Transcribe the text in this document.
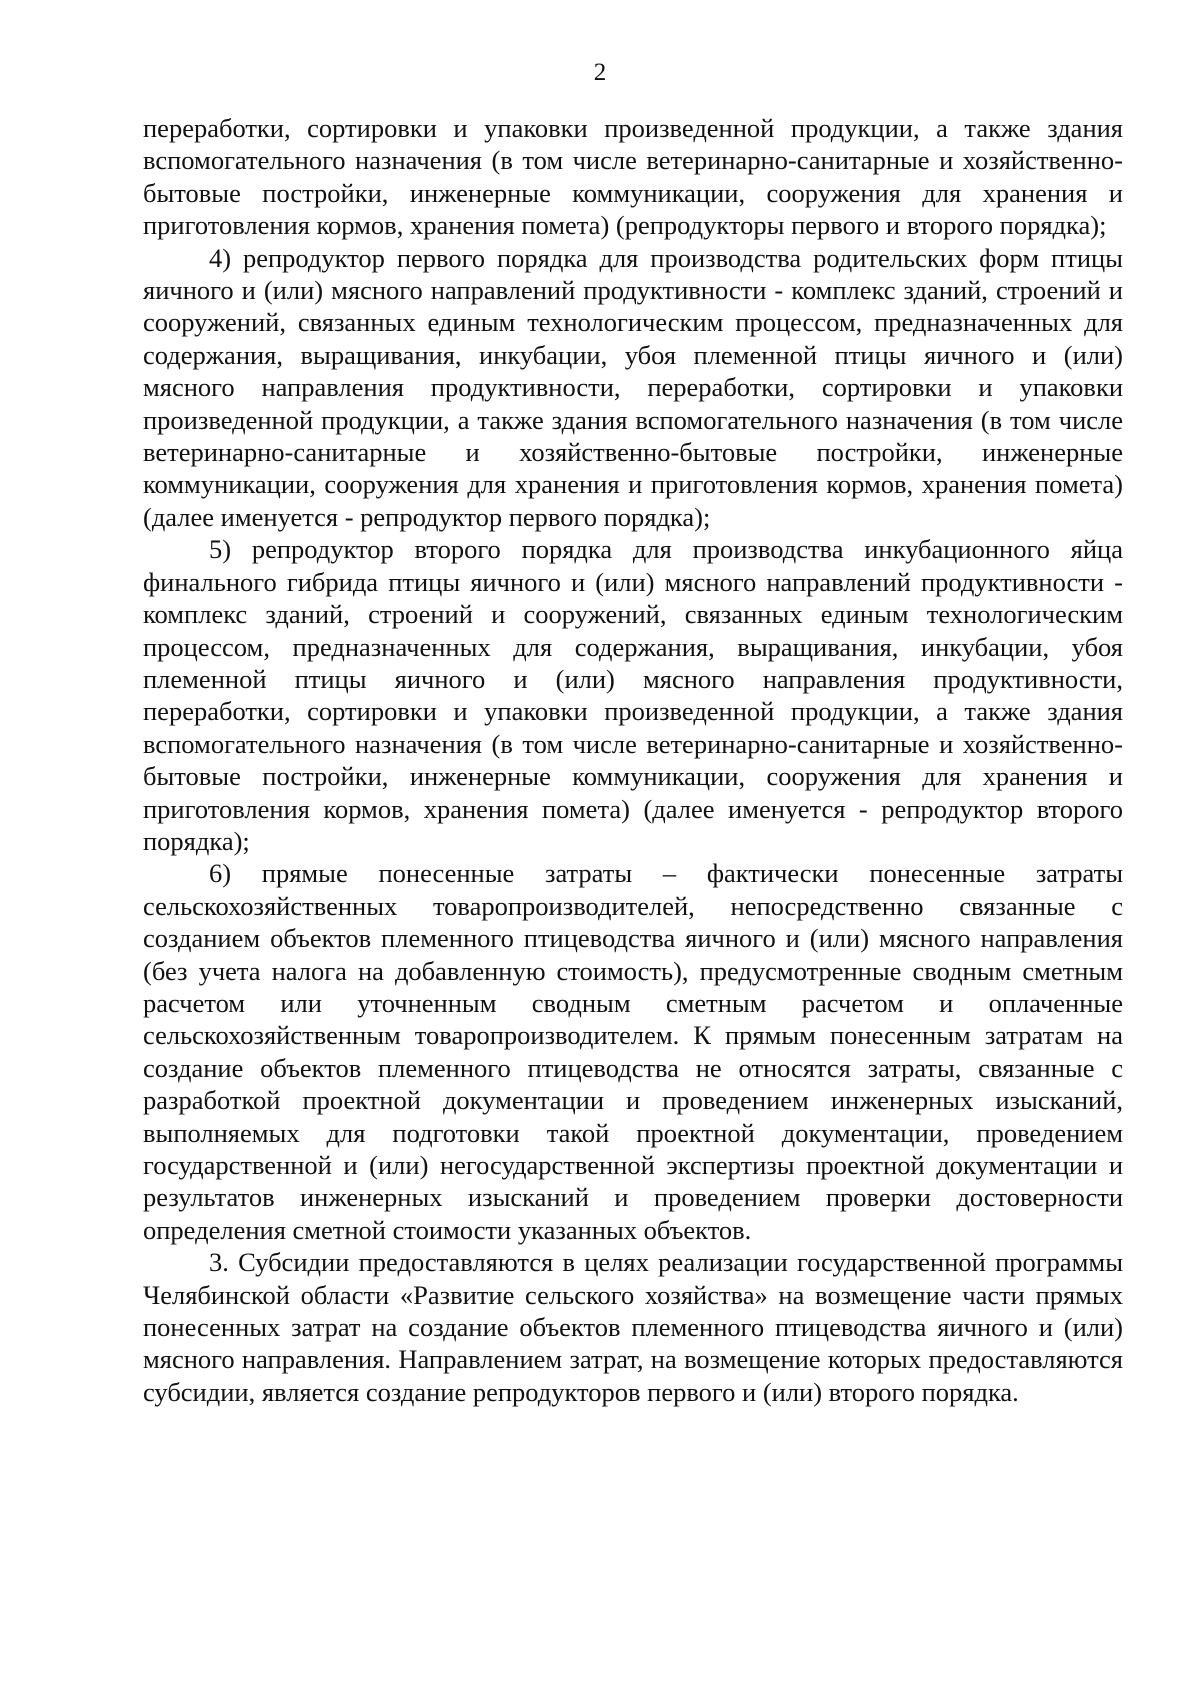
2

переработки, сортировки и упаковки произведенной продукции, а также здания вспомогательного назначения (в том числе ветеринарно-санитарные и хозяйственно-бытовые постройки, инженерные коммуникации, сооружения для хранения и приготовления кормов, хранения помета) (репродукторы первого и второго порядка);

4) репродуктор первого порядка для производства родительских форм птицы яичного и (или) мясного направлений продуктивности - комплекс зданий, строений и сооружений, связанных единым технологическим процессом, предназначенных для содержания, выращивания, инкубации, убоя племенной птицы яичного и (или) мясного направления продуктивности, переработки, сортировки и упаковки произведенной продукции, а также здания вспомогательного назначения (в том числе ветеринарно-санитарные и хозяйственно-бытовые постройки, инженерные коммуникации, сооружения для хранения и приготовления кормов, хранения помета) (далее именуется - репродуктор первого порядка);

5) репродуктор второго порядка для производства инкубационного яйца финального гибрида птицы яичного и (или) мясного направлений продуктивности - комплекс зданий, строений и сооружений, связанных единым технологическим процессом, предназначенных для содержания, выращивания, инкубации, убоя племенной птицы яичного и (или) мясного направления продуктивности, переработки, сортировки и упаковки произведенной продукции, а также здания вспомогательного назначения (в том числе ветеринарно-санитарные и хозяйственно-бытовые постройки, инженерные коммуникации, сооружения для хранения и приготовления кормов, хранения помета) (далее именуется - репродуктор второго порядка);

6) прямые понесенные затраты – фактически понесенные затраты сельскохозяйственных товаропроизводителей, непосредственно связанные с созданием объектов племенного птицеводства яичного и (или) мясного направления (без учета налога на добавленную стоимость), предусмотренные сводным сметным расчетом или уточненным сводным сметным расчетом и оплаченные сельскохозяйственным товаропроизводителем. К прямым понесенным затратам на создание объектов племенного птицеводства не относятся затраты, связанные с разработкой проектной документации и проведением инженерных изысканий, выполняемых для подготовки такой проектной документации, проведением государственной и (или) негосударственной экспертизы проектной документации и результатов инженерных изысканий и проведением проверки достоверности определения сметной стоимости указанных объектов.

3. Субсидии предоставляются в целях реализации государственной программы Челябинской области «Развитие сельского хозяйства» на возмещение части прямых понесенных затрат на создание объектов племенного птицеводства яичного и (или) мясного направления. Направлением затрат, на возмещение которых предоставляются субсидии, является создание репродукторов первого и (или) второго порядка.
